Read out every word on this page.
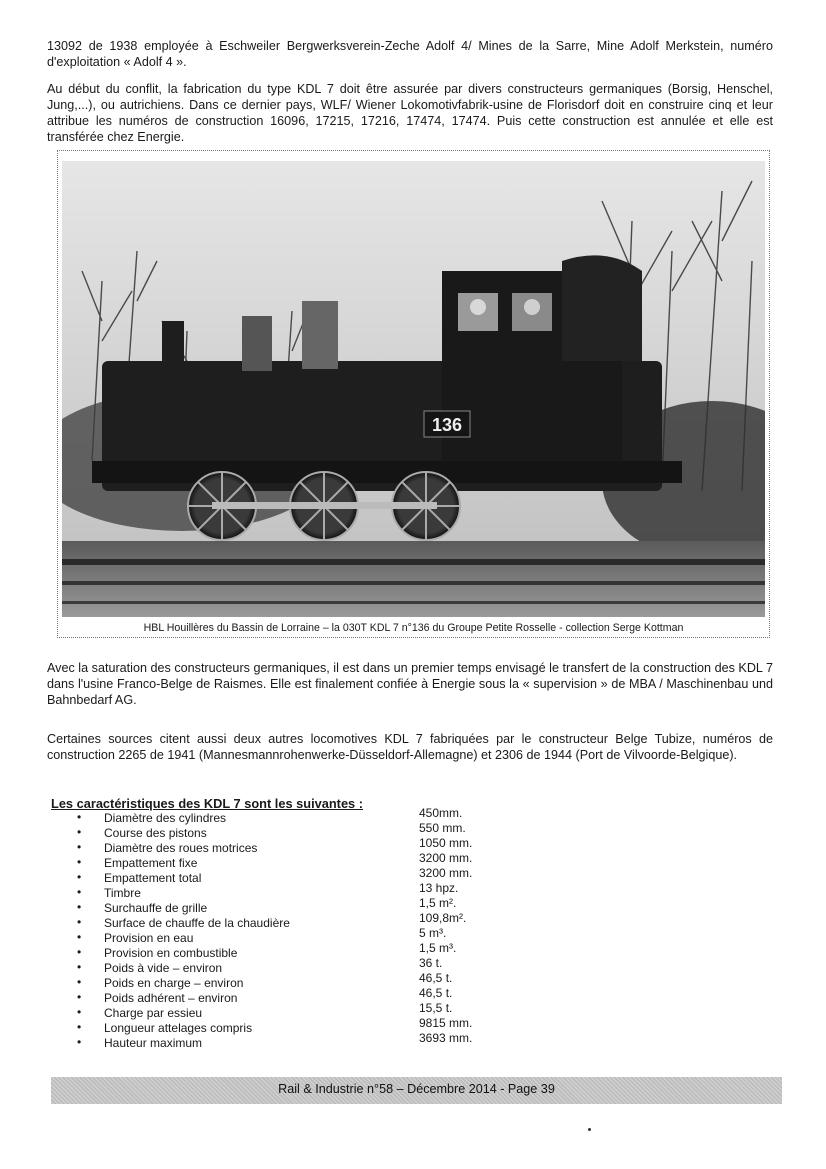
13092 de 1938 employée à Eschweiler Bergwerksverein-Zeche Adolf 4/ Mines de la Sarre, Mine Adolf Merkstein, numéro d'exploitation « Adolf 4 ».

Au début du conflit, la fabrication du type KDL 7 doit être assurée par divers constructeurs germaniques (Borsig, Henschel, Jung,...), ou autrichiens. Dans ce dernier pays, WLF/ Wiener Lokomotivfabrik-usine de Florisdorf doit en construire cinq et leur attribue les numéros de construction 16096, 17215, 17216, 17474, 17474. Puis cette construction est annulée et elle est transférée chez Energie.

136
HBL Houillères du Bassin de Lorraine – la 030T KDL 7 n°136 du Groupe Petite Rosselle - collection Serge Kottman

Avec la saturation des constructeurs germaniques, il est dans un premier temps envisagé le transfert de la construction des KDL 7 dans l'usine Franco-Belge de Raismes. Elle est finalement confiée à Energie sous la « supervision » de MBA / Maschinenbau und Bahnbedarf AG.

Certaines sources citent aussi deux autres locomotives KDL 7 fabriquées par le constructeur Belge Tubize, numéros de construction 2265 de 1941 (Mannesmannrohenwerke-Düsseldorf-Allemagne) et 2306 de 1944 (Port de Vilvoorde-Belgique).

Les caractéristiques des KDL 7 sont les suivantes :
• Diamètre des cylindres	450mm.
• Course des pistons	550 mm.
• Diamètre des roues motrices	1050 mm.
• Empattement fixe	3200 mm.
• Empattement total	3200 mm.
• Timbre	13 hpz.
• Surchauffe de grille	1,5 m².
• Surface de chauffe de la chaudière	109,8m².
• Provision en eau	5 m³.
• Provision en combustible	1,5 m³.
• Poids à vide – environ	36 t.
• Poids en charge – environ	46,5 t.
• Poids adhérent – environ	46,5 t.
• Charge par essieu	15,5 t.
• Longueur attelages compris	9815 mm.
• Hauteur maximum	3693 mm.
Rail & Industrie n°58 – Décembre 2014 - Page 39
